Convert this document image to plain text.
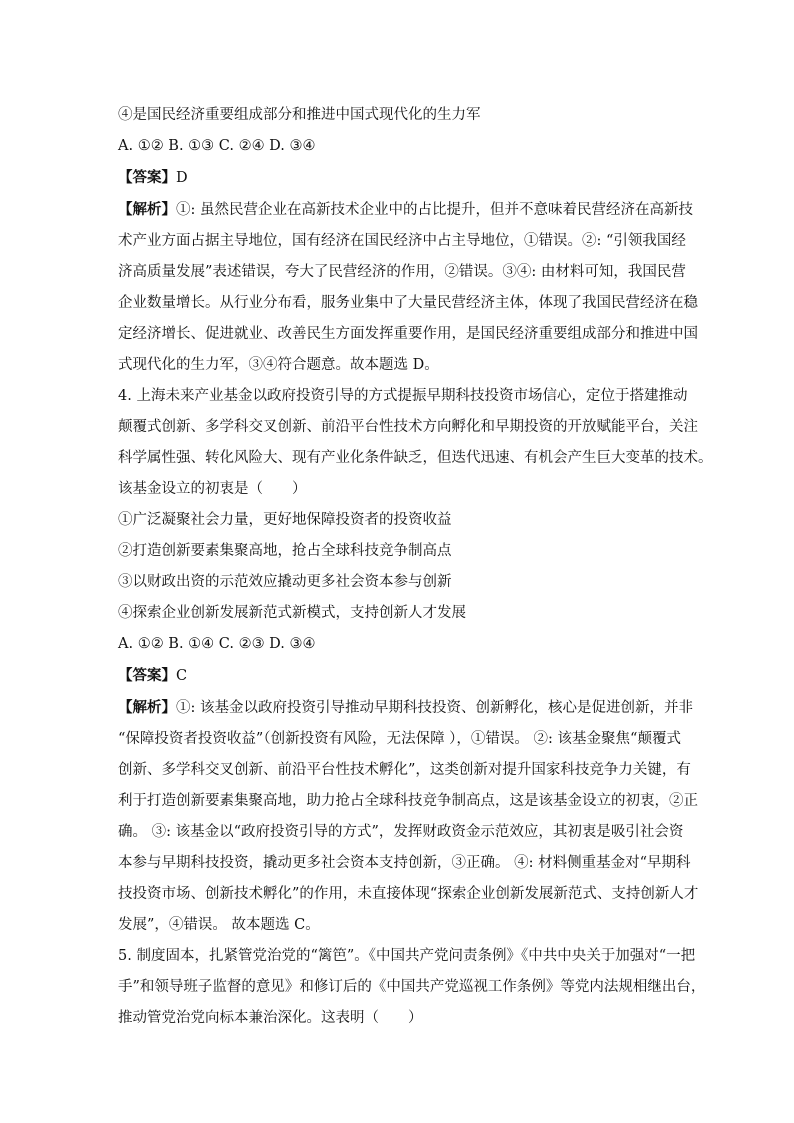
④是国民经济重要组成部分和推进中国式现代化的生力军
A. ①② B. ①③ C. ②④ D. ③④
【答案】D
【解析】①: 虽然民营企业在高新技术企业中的占比提升，但并不意味着民营经济在高新技
术产业方面占据主导地位，国有经济在国民经济中占主导地位，①错误。②: “引领我国经
济高质量发展”表述错误，夸大了民营经济的作用，②错误。③④: 由材料可知，我国民营
企业数量增长。从行业分布看，服务业集中了大量民营经济主体，体现了我国民营经济在稳
定经济增长、促进就业、改善民生方面发挥重要作用，是国民经济重要组成部分和推进中国
式现代化的生力军，③④符合题意。故本题选 D。
4. 上海未来产业基金以政府投资引导的方式提振早期科技投资市场信心，定位于搭建推动
颠覆式创新、多学科交叉创新、前沿平台性技术方向孵化和早期投资的开放赋能平台，关注
科学属性强、转化风险大、现有产业化条件缺乏，但迭代迅速、有机会产生巨大变革的技术。
该基金设立的初衷是（　　）
①广泛凝聚社会力量，更好地保障投资者的投资收益
②打造创新要素集聚高地，抢占全球科技竞争制高点
③以财政出资的示范效应撬动更多社会资本参与创新
④探索企业创新发展新范式新模式，支持创新人才发展
A. ①② B. ①④ C. ②③ D. ③④
【答案】C
【解析】①: 该基金以政府投资引导推动早期科技投资、创新孵化，核心是促进创新，并非
“保障投资者投资收益”（创新投资有风险，无法保障 ），①错误。 ②: 该基金聚焦“颠覆式
创新、多学科交叉创新、前沿平台性技术孵化”，这类创新对提升国家科技竞争力关键，有
利于打造创新要素集聚高地，助力抢占全球科技竞争制高点，这是该基金设立的初衷，②正
确。 ③: 该基金以“政府投资引导的方式”，发挥财政资金示范效应，其初衷是吸引社会资
本参与早期科技投资，撬动更多社会资本支持创新，③正确。 ④: 材料侧重基金对“早期科
技投资市场、创新技术孵化”的作用，未直接体现“探索企业创新发展新范式、支持创新人才
发展”，④错误。 故本题选 C。
5. 制度固本，扎紧管党治党的“篱笆”。《中国共产党问责条例》《中共中央关于加强对“一把
手”和领导班子监督的意见》和修订后的《中国共产党巡视工作条例》等党内法规相继出台，
推动管党治党向标本兼治深化。这表明（　　）
